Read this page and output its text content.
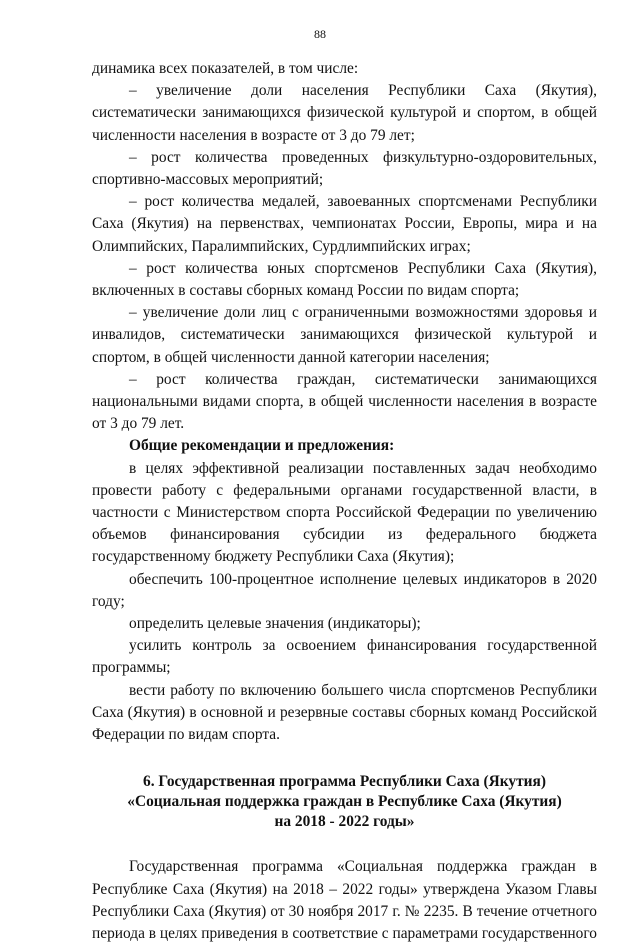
88

динамика всех показателей, в том числе:

– увеличение доли населения Республики Саха (Якутия), систематически занимающихся физической культурой и спортом, в общей численности населения в возрасте от 3 до 79 лет;

– рост количества проведенных физкультурно-оздоровительных, спортивно-массовых мероприятий;

– рост количества медалей, завоеванных спортсменами Республики Саха (Якутия) на первенствах, чемпионатах России, Европы, мира и на Олимпийских, Паралимпийских, Сурдлимпийских играх;

– рост количества юных спортсменов Республики Саха (Якутия), включенных в составы сборных команд России по видам спорта;

– увеличение доли лиц с ограниченными возможностями здоровья и инвалидов, систематически занимающихся физической культурой и спортом, в общей численности данной категории населения;

– рост количества граждан, систематически занимающихся национальными видами спорта, в общей численности населения в возрасте от 3 до 79 лет.

Общие рекомендации и предложения:

в целях эффективной реализации поставленных задач необходимо провести работу с федеральными органами государственной власти, в частности с Министерством спорта Российской Федерации по увеличению объемов финансирования субсидии из федерального бюджета государственному бюджету Республики Саха (Якутия);

обеспечить 100-процентное исполнение целевых индикаторов в 2020 году;

определить целевые значения (индикаторы);

усилить контроль за освоением финансирования государственной программы;

вести работу по включению большего числа спортсменов Республики Саха (Якутия) в основной и резервные составы сборных команд Российской Федерации по видам спорта.

6. Государственная программа Республики Саха (Якутия)
«Социальная поддержка граждан в Республике Саха (Якутия)
на 2018 - 2022 годы»

Государственная программа «Социальная поддержка граждан в Республике Саха (Якутия) на 2018 – 2022 годы» утверждена Указом Главы Республики Саха (Якутия) от 30 ноября 2017 г. № 2235. В течение отчетного периода в целях приведения в соответствие с параметрами государственного
